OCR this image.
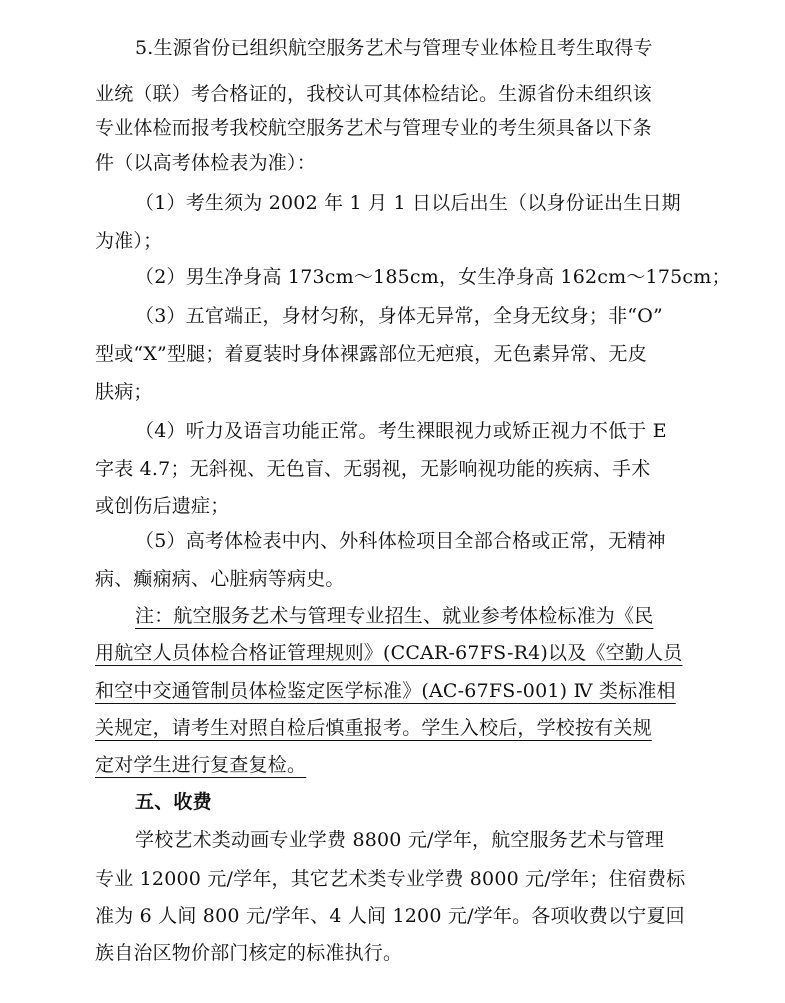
5.生源省份已组织航空服务艺术与管理专业体检且考生取得专
业统（联）考合格证的，我校认可其体检结论。生源省份未组织该
专业体检而报考我校航空服务艺术与管理专业的考生须具备以下条
件（以高考体检表为准）：
（1）考生须为 2002 年 1 月 1 日以后出生（以身份证出生日期
为准）；
（2）男生净身高 173cm～185cm，女生净身高 162cm～175cm；
（3）五官端正，身材匀称，身体无异常，全身无纹身；非“O”
型或“X”型腿；着夏装时身体裸露部位无疤痕，无色素异常、无皮
肤病；
（4）听力及语言功能正常。考生裸眼视力或矫正视力不低于 E
字表 4.7；无斜视、无色盲、无弱视，无影响视功能的疾病、手术
或创伤后遗症；
（5）高考体检表中内、外科体检项目全部合格或正常，无精神
病、癫痫病、心脏病等病史。
注：航空服务艺术与管理专业招生、就业参考体检标准为《民
用航空人员体检合格证管理规则》(CCAR-67FS-R4)以及《空勤人员
和空中交通管制员体检鉴定医学标准》(AC-67FS-001) Ⅳ 类标准相
关规定，请考生对照自检后慎重报考。学生入校后，学校按有关规
定对学生进行复查复检。
五、收费
学校艺术类动画专业学费 8800 元/学年，航空服务艺术与管理
专业 12000 元/学年，其它艺术类专业学费 8000 元/学年；住宿费标
准为 6 人间 800 元/学年、4 人间 1200 元/学年。各项收费以宁夏回
族自治区物价部门核定的标准执行。
